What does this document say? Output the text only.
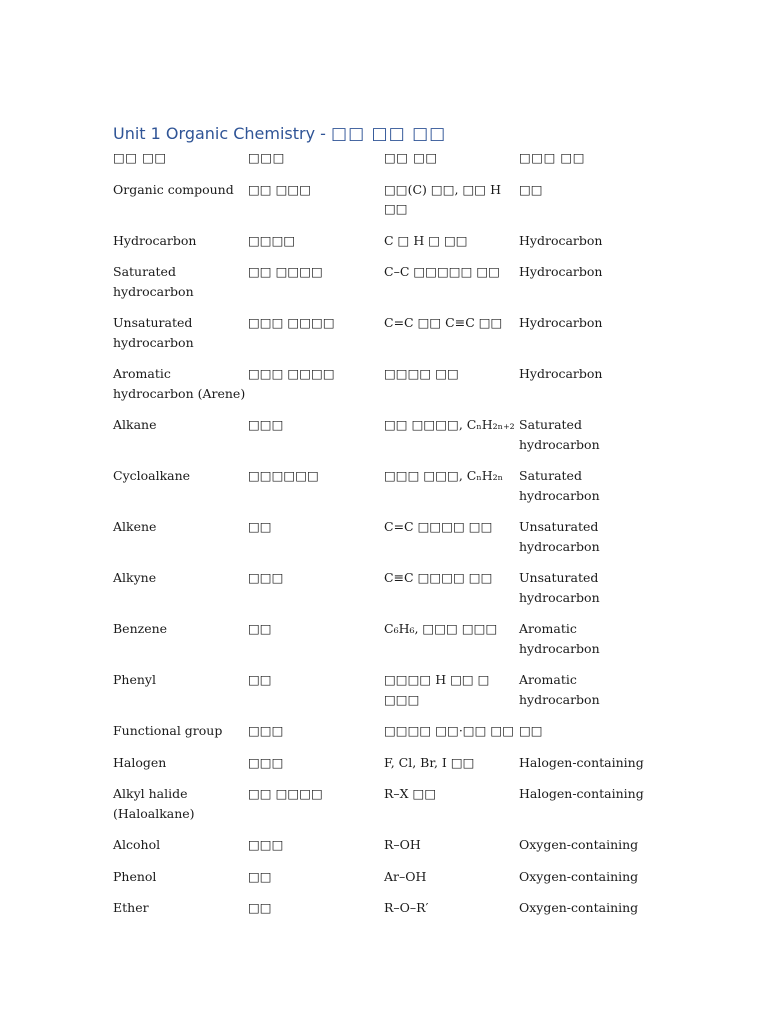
Unit 1 Organic Chemistry - □□ □□ □□
□□ □□	□□□	□□ □□	□□□ □□
Organic compound	□□ □□□	□□(C) □□, □□ H □□	□□
Hydrocarbon	□□□□	C □ H □ □□	Hydrocarbon
Saturated hydrocarbon	□□ □□□□	C–C □□□□□ □□	Hydrocarbon
Unsaturated hydrocarbon	□□□ □□□□	C=C □□ C≡C □□	Hydrocarbon
Aromatic hydrocarbon (Arene)	□□□ □□□□	□□□□ □□	Hydrocarbon
Alkane	□□□	□□ □□□□, CₙH₂ₙ₊₂	Saturated hydrocarbon
Cycloalkane	□□□□□□	□□□ □□□, CₙH₂ₙ	Saturated hydrocarbon
Alkene	□□	C=C □□□□ □□	Unsaturated hydrocarbon
Alkyne	□□□	C≡C □□□□ □□	Unsaturated hydrocarbon
Benzene	□□	C₆H₆, □□□ □□□	Aromatic hydrocarbon
Phenyl	□□	□□□□ H □□ □ □□□	Aromatic hydrocarbon
Functional group	□□□	□□□□ □□·□□ □□	□□
Halogen	□□□	F, Cl, Br, I □□	Halogen-containing
Alkyl halide (Haloalkane)	□□ □□□□	R–X □□	Halogen-containing
Alcohol	□□□	R–OH	Oxygen-containing
Phenol	□□	Ar–OH	Oxygen-containing
Ether	□□	R–O–R′	Oxygen-containing
